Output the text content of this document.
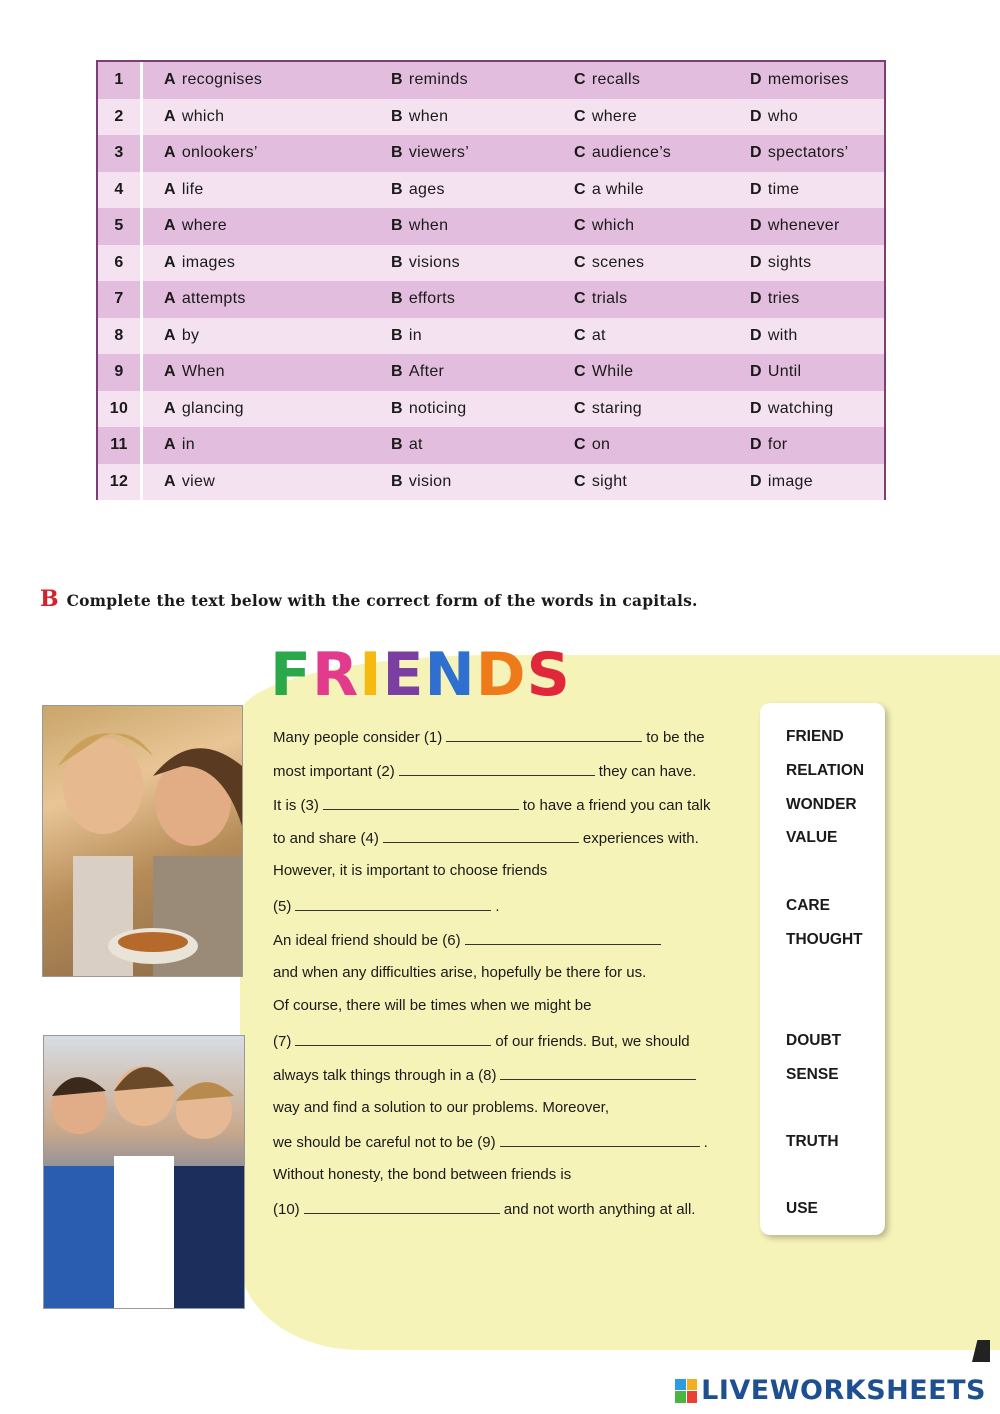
1	A recognises	B reminds	C recalls	D memorises
2	A which	B when	C where	D who
3	A onlookers’	B viewers’	C audience’s	D spectators’
4	A life	B ages	C a while	D time
5	A where	B when	C which	D whenever
6	A images	B visions	C scenes	D sights
7	A attempts	B efforts	C trials	D tries
8	A by	B in	C at	D with
9	A When	B After	C While	D Until
10	A glancing	B noticing	C staring	D watching
11	A in	B at	C on	D for
12	A view	B vision	C sight	D image
B Complete the text below with the correct form of the words in capitals.
F R I E N D S
Many people consider (1)	to be the
most important (2)	they can have.
It is (3)	to have a friend you can talk
to and share (4)	experiences with.
However, it is important to choose friends
(5)	.
An ideal friend should be (6)
and when any difficulties arise, hopefully be there for us.
Of course, there will be times when we might be
(7)	of our friends. But, we should
always talk things through in a (8)
way and find a solution to our problems. Moreover,
we should be careful not to be (9)	.
Without honesty, the bond between friends is
(10)	and not worth anything at all.
FRIEND
RELATION
WONDER
VALUE
CARE
THOUGHT
DOUBT
SENSE
TRUTH
USE
LIVEWORKSHEETS
